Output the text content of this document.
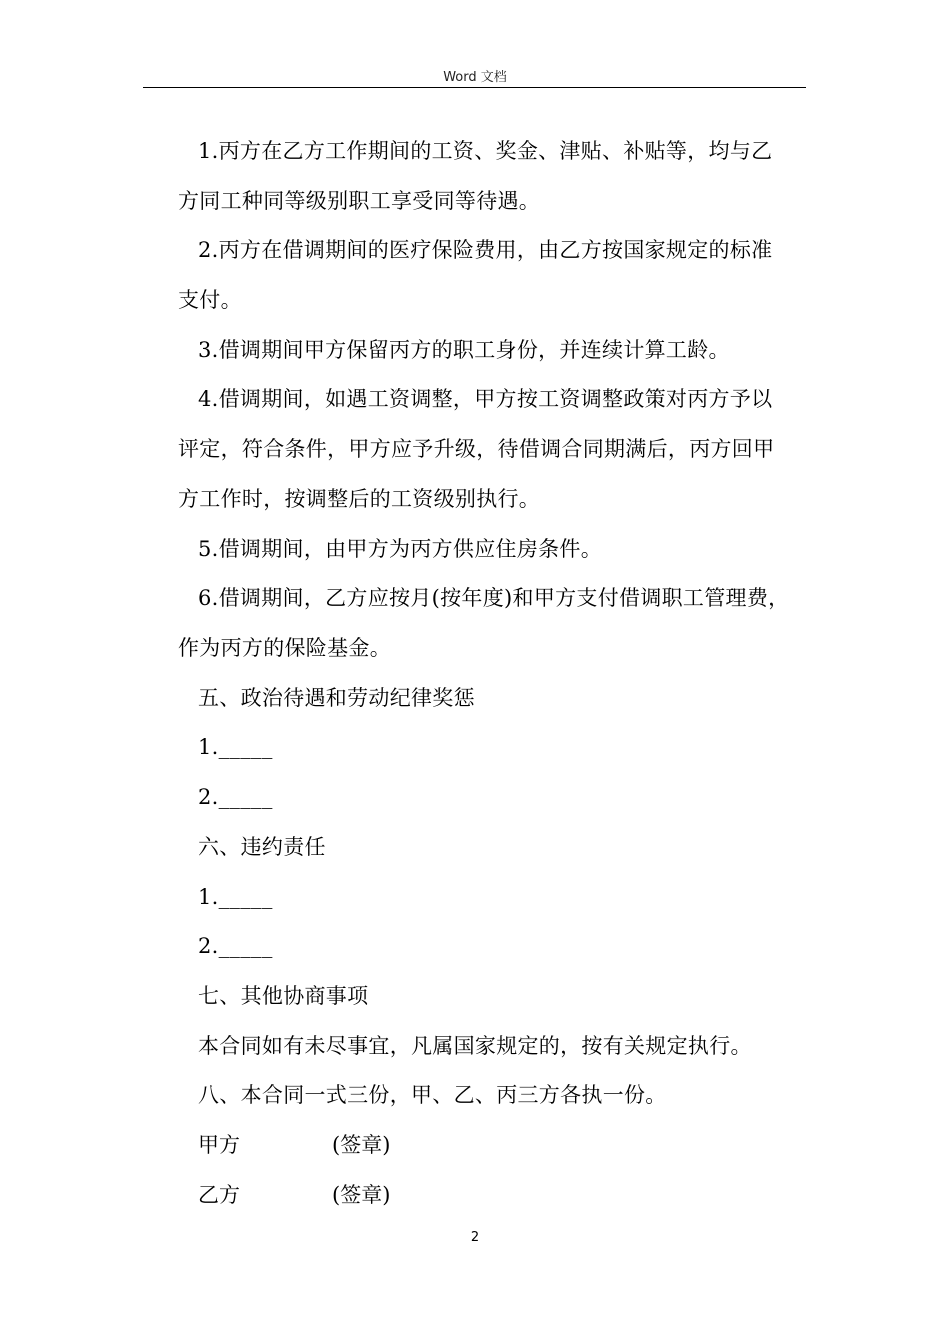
Word 文档
1.丙方在乙方工作期间的工资、奖金、津贴、补贴等，均与乙
方同工种同等级别职工享受同等待遇。
2.丙方在借调期间的医疗保险费用，由乙方按国家规定的标准
支付。
3.借调期间甲方保留丙方的职工身份，并连续计算工龄。
4.借调期间，如遇工资调整，甲方按工资调整政策对丙方予以
评定，符合条件，甲方应予升级，待借调合同期满后，丙方回甲
方工作时，按调整后的工资级别执行。
5.借调期间，由甲方为丙方供应住房条件。
6.借调期间，乙方应按月(按年度)和甲方支付借调职工管理费，
作为丙方的保险基金。
五、政治待遇和劳动纪律奖惩
1._____
2._____
六、违约责任
1._____
2._____
七、其他协商事项
本合同如有未尽事宜，凡属国家规定的，按有关规定执行。
八、本合同一式三份，甲、乙、丙三方各执一份。
甲方	(签章)
乙方	(签章)
2
